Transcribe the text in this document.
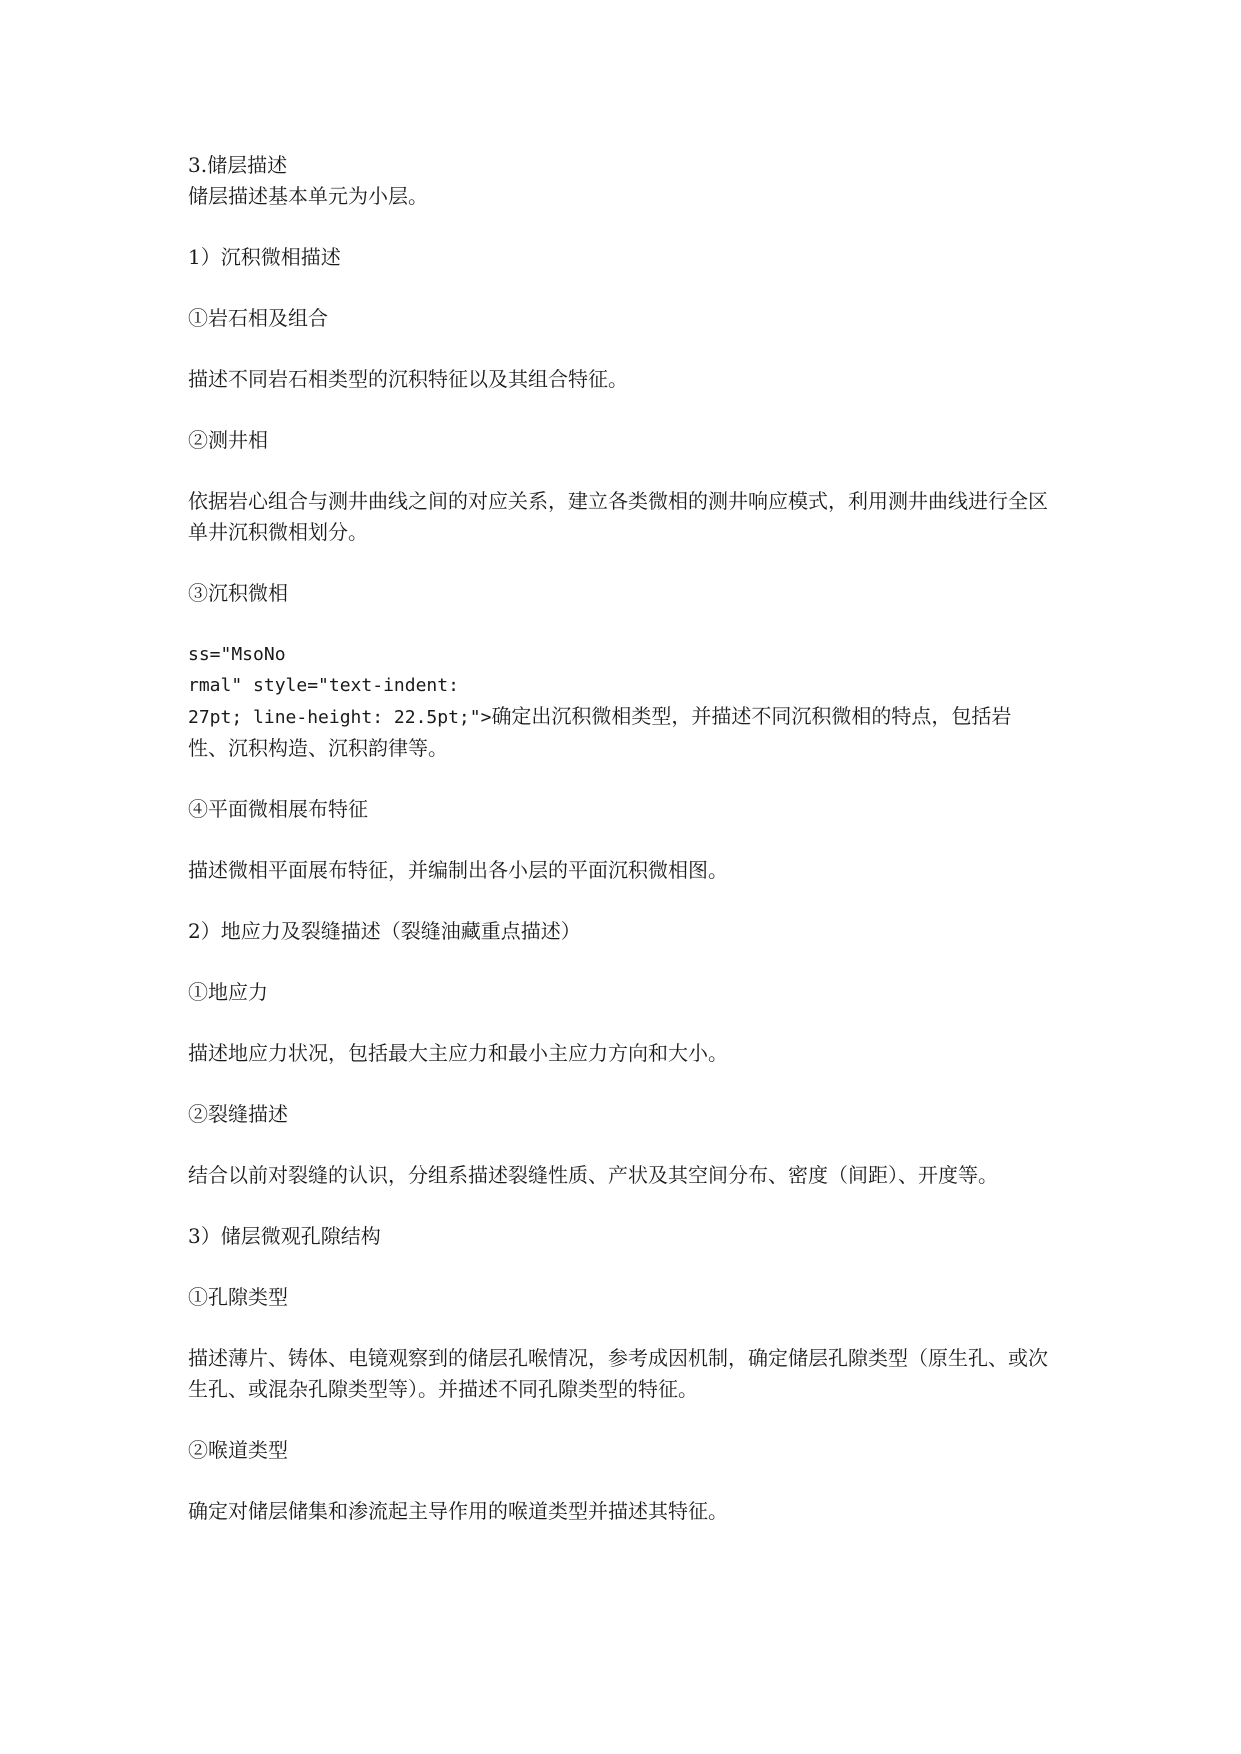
3.储层描述

储层描述基本单元为小层。

1）沉积微相描述

①岩石相及组合

描述不同岩石相类型的沉积特征以及其组合特征。

②测井相

依据岩心组合与测井曲线之间的对应关系，建立各类微相的测井响应模式，利用测井曲线进行全区单井沉积微相划分。

③沉积微相

ss="MsoNo

rmal" style="text-indent:

27pt; line-height: 22.5pt;">确定出沉积微相类型，并描述不同沉积微相的特点，包括岩

性、沉积构造、沉积韵律等。

④平面微相展布特征

描述微相平面展布特征，并编制出各小层的平面沉积微相图。

2）地应力及裂缝描述（裂缝油藏重点描述）

①地应力

描述地应力状况，包括最大主应力和最小主应力方向和大小。

②裂缝描述

结合以前对裂缝的认识，分组系描述裂缝性质、产状及其空间分布、密度（间距）、开度等。

3）储层微观孔隙结构

①孔隙类型

描述薄片、铸体、电镜观察到的储层孔喉情况，参考成因机制，确定储层孔隙类型（原生孔、或次生孔、或混杂孔隙类型等）。并描述不同孔隙类型的特征。

②喉道类型

确定对储层储集和渗流起主导作用的喉道类型并描述其特征。
